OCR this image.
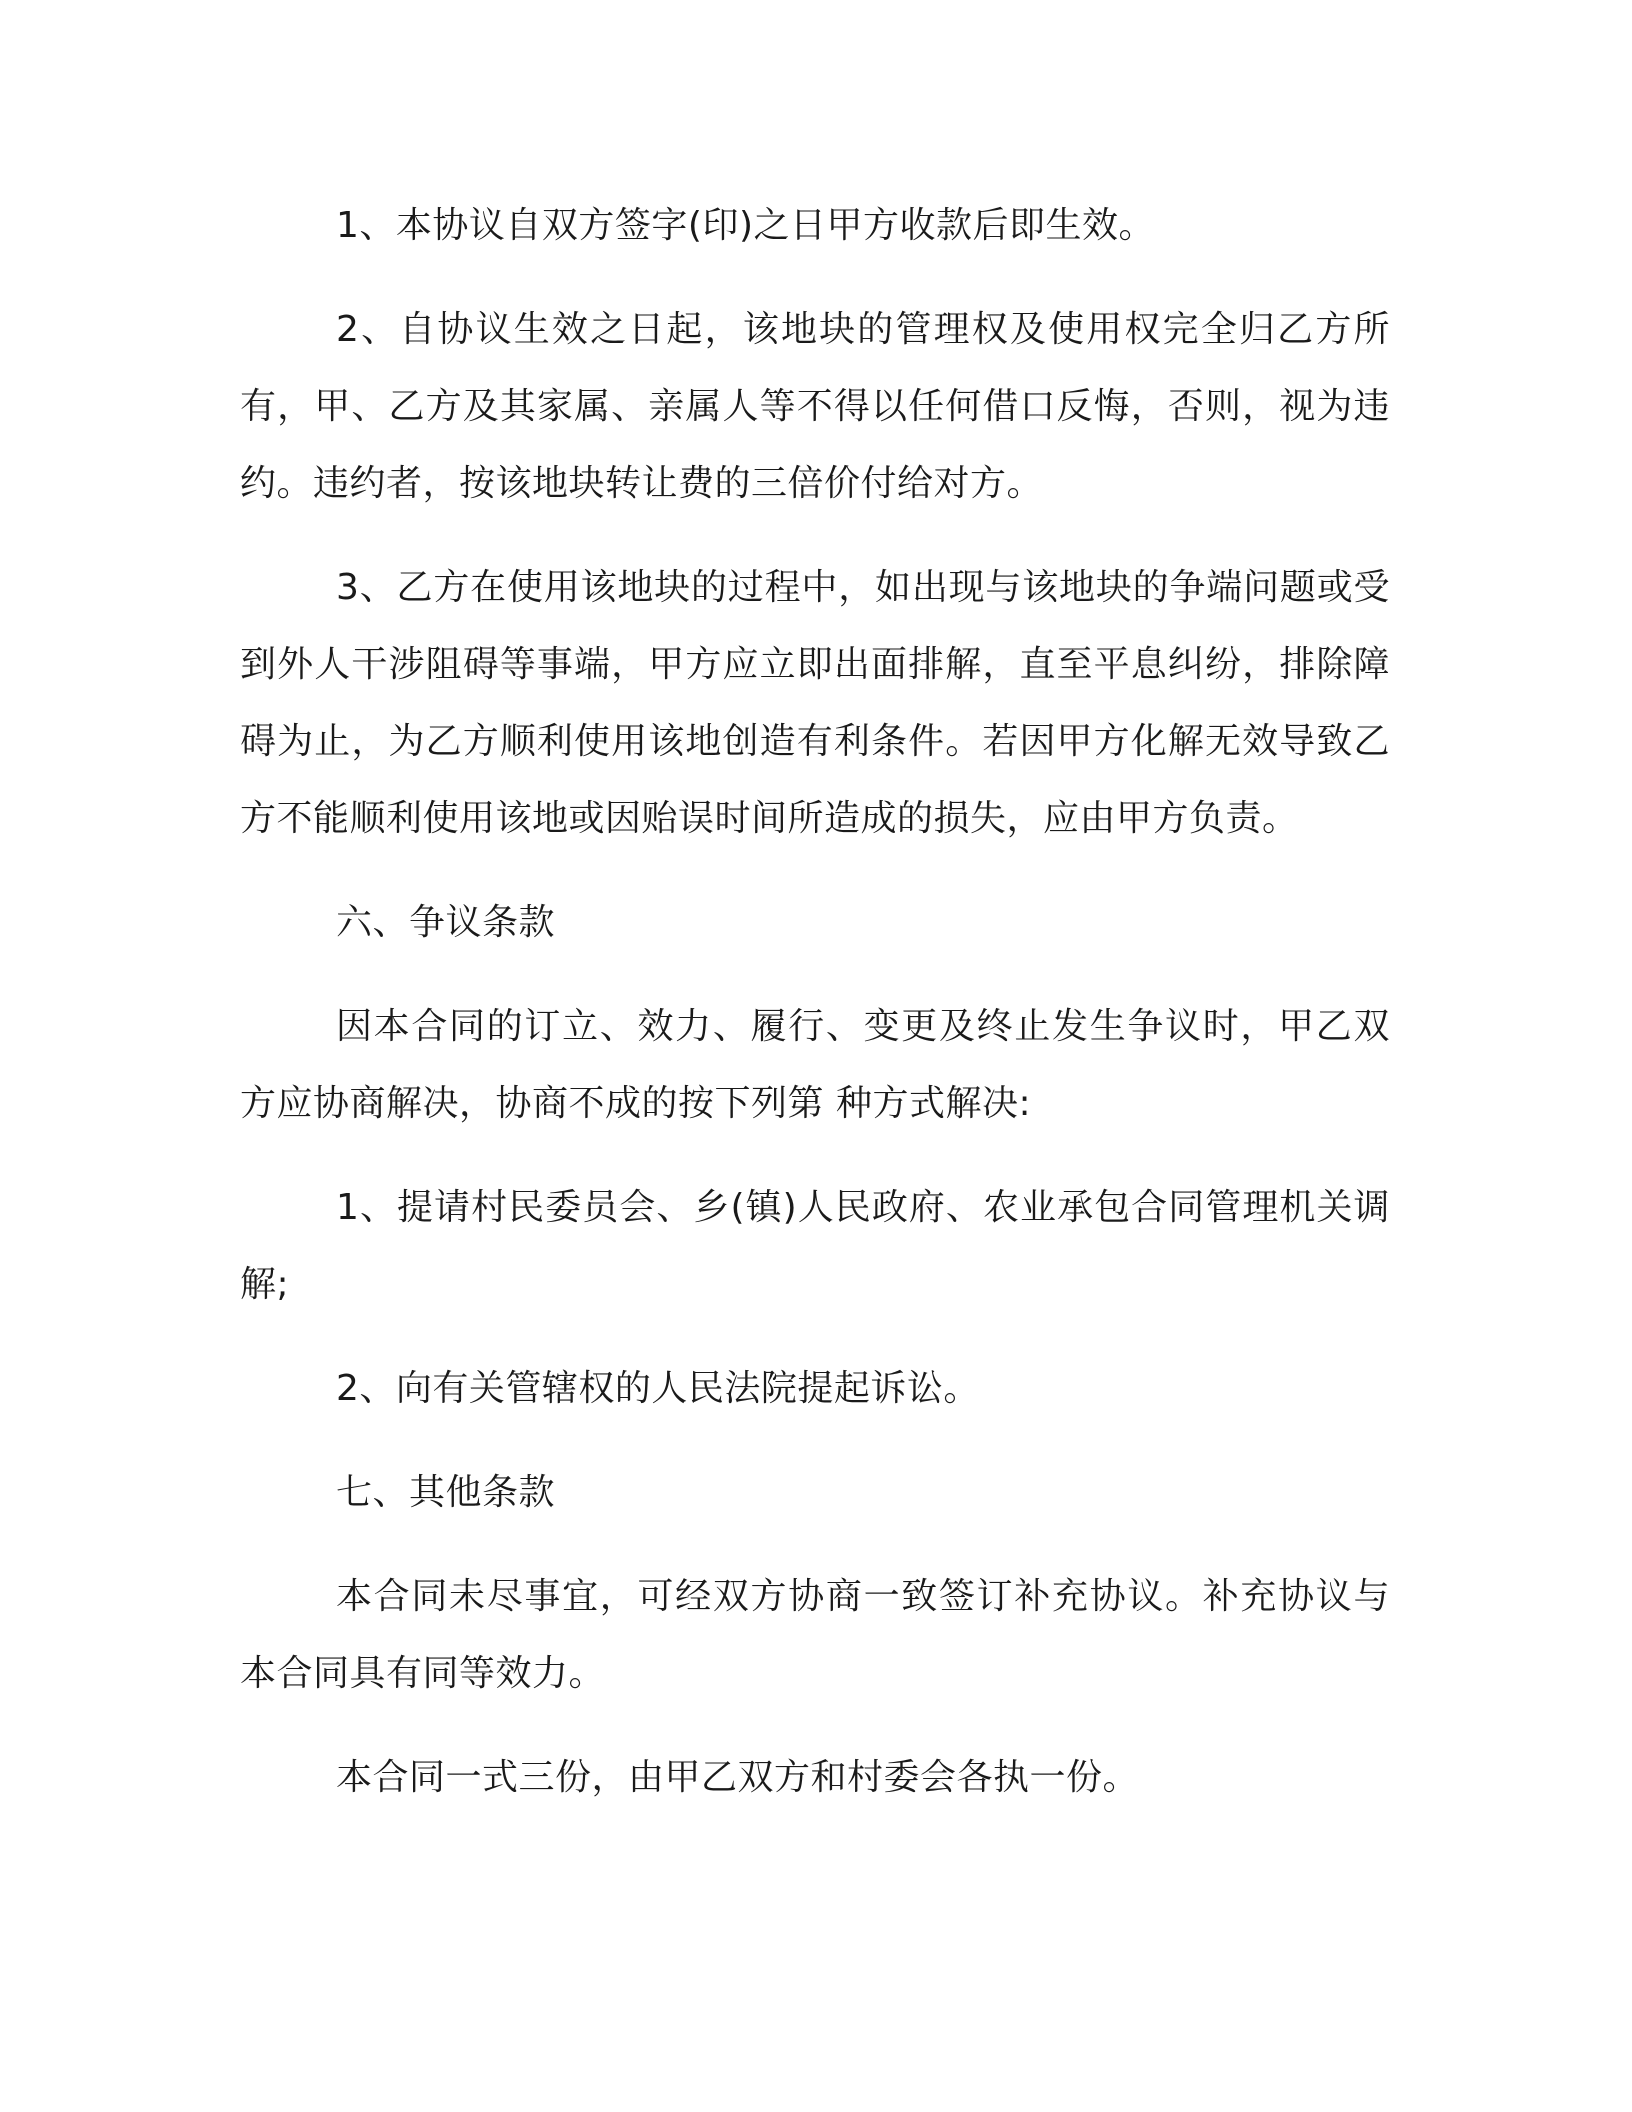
1、本协议自双方签字(印)之日甲方收款后即生效。

2、自协议生效之日起，该地块的管理权及使用权完全归乙方所有，甲、乙方及其家属、亲属人等不得以任何借口反悔，否则，视为违约。违约者，按该地块转让费的三倍价付给对方。

3、乙方在使用该地块的过程中，如出现与该地块的争端问题或受到外人干涉阻碍等事端，甲方应立即出面排解，直至平息纠纷，排除障碍为止，为乙方顺利使用该地创造有利条件。若因甲方化解无效导致乙方不能顺利使用该地或因贻误时间所造成的损失，应由甲方负责。

六、争议条款

因本合同的订立、效力、履行、变更及终止发生争议时，甲乙双方应协商解决，协商不成的按下列第 种方式解决:

1、提请村民委员会、乡(镇)人民政府、农业承包合同管理机关调解;

2、向有关管辖权的人民法院提起诉讼。

七、其他条款

本合同未尽事宜，可经双方协商一致签订补充协议。补充协议与本合同具有同等效力。

本合同一式三份，由甲乙双方和村委会各执一份。
